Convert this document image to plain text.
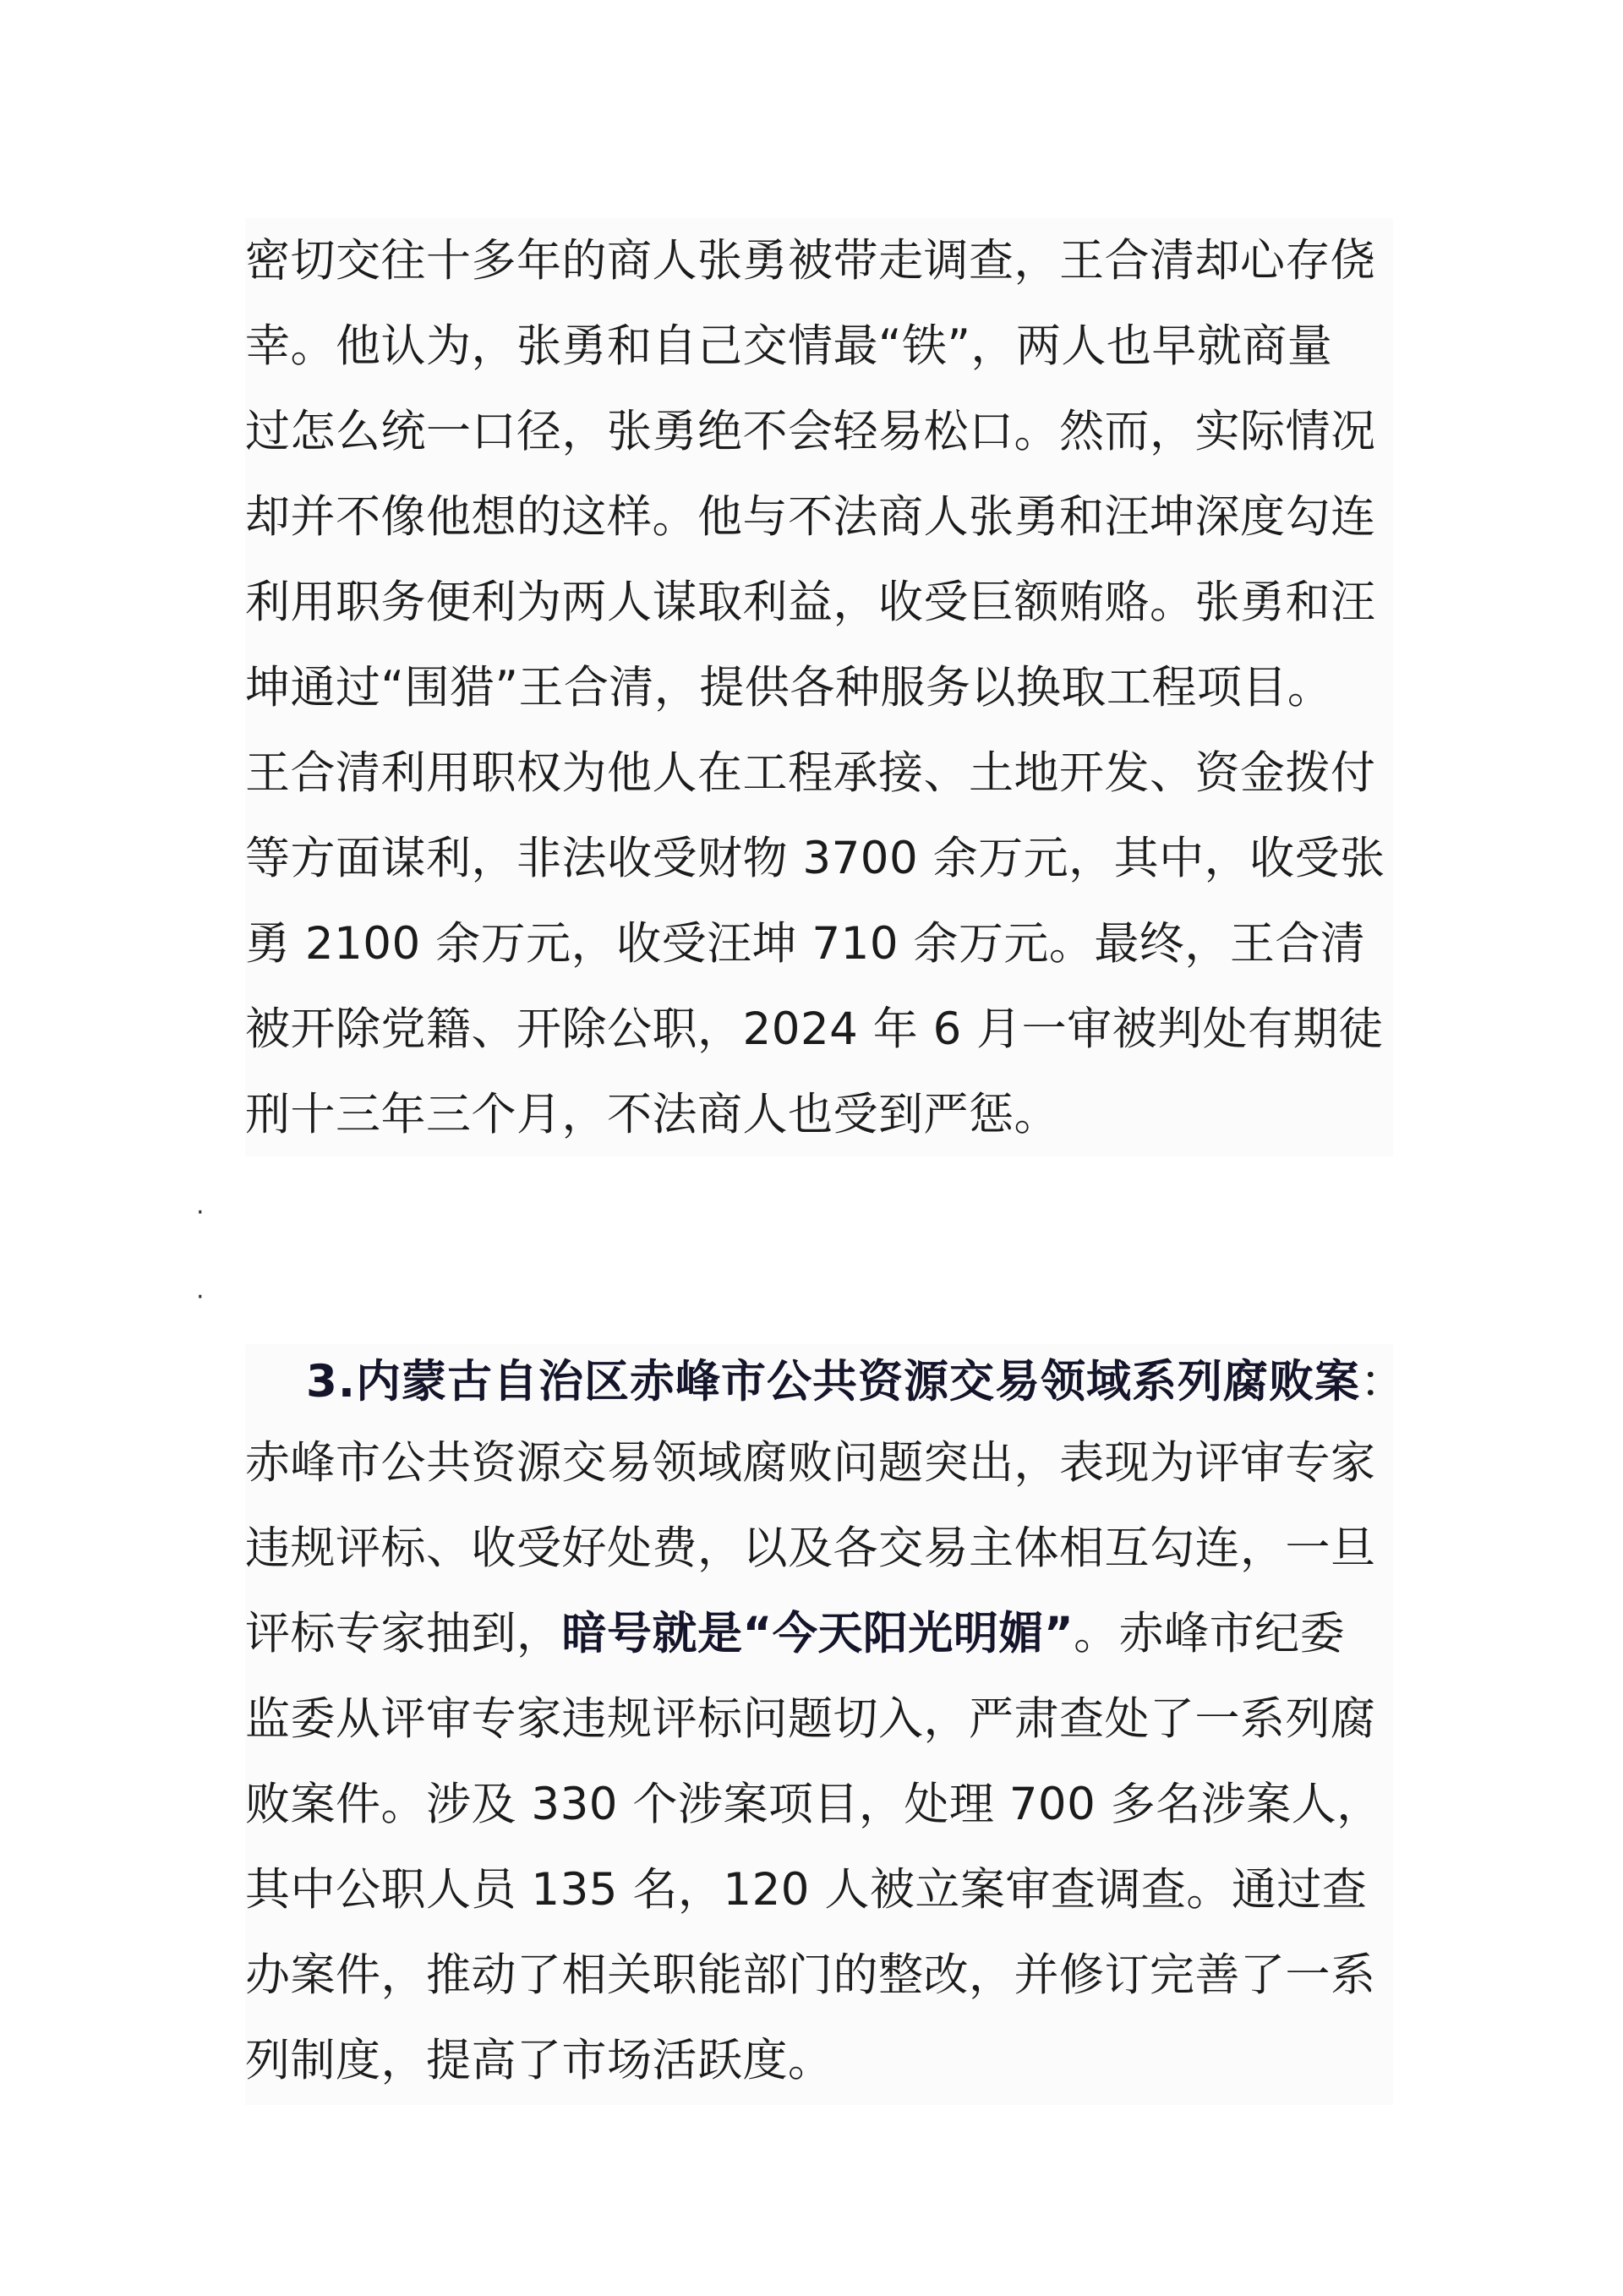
密切交往十多年的商人张勇被带走调查，王合清却心存侥
幸。他认为，张勇和自己交情最“铁”，两人也早就商量
过怎么统一口径，张勇绝不会轻易松口。然而，实际情况
却并不像他想的这样。他与不法商人张勇和汪坤深度勾连
利用职务便利为两人谋取利益，收受巨额贿赂。张勇和汪
坤通过“围猎”王合清，提供各种服务以换取工程项目。
王合清利用职权为他人在工程承接、土地开发、资金拨付
等方面谋利，非法收受财物 3700 余万元，其中，收受张
勇 2100 余万元，收受汪坤 710 余万元。最终，王合清
被开除党籍、开除公职，2024 年 6 月一审被判处有期徒
刑十三年三个月，不法商人也受到严惩。
·
·
赤峰市公共资源交易领域腐败问题突出，表现为评审专家
违规评标、收受好处费，以及各交易主体相互勾连，一旦
评标专家抽到，暗号就是“今天阳光明媚”。赤峰市纪委
监委从评审专家违规评标问题切入，严肃查处了一系列腐
败案件。涉及 330 个涉案项目，处理 700 多名涉案人，
其中公职人员 135 名，120 人被立案审查调查。通过查
办案件，推动了相关职能部门的整改，并修订完善了一系
列制度，提高了市场活跃度。
3.内蒙古自治区赤峰市公共资源交易领域系列腐败案：
